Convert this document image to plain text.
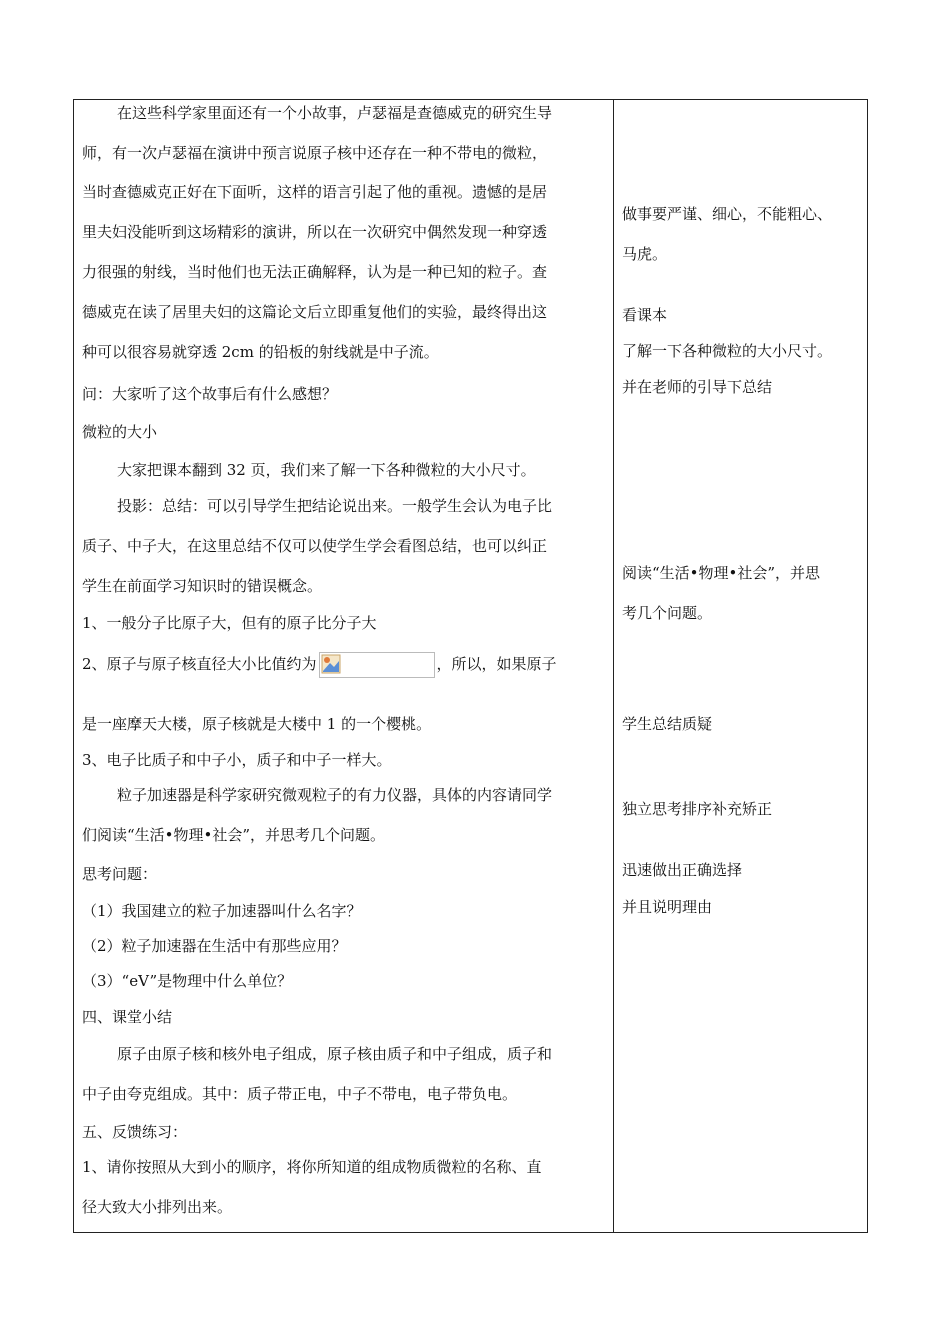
在这些科学家里面还有一个小故事，卢瑟福是查德威克的研究生导
师，有一次卢瑟福在演讲中预言说原子核中还存在一种不带电的微粒，
当时查德威克正好在下面听，这样的语言引起了他的重视。遗憾的是居
里夫妇没能听到这场精彩的演讲，所以在一次研究中偶然发现一种穿透
力很强的射线，当时他们也无法正确解释，认为是一种已知的粒子。查
德威克在读了居里夫妇的这篇论文后立即重复他们的实验，最终得出这
种可以很容易就穿透 2cm 的铅板的射线就是中子流。
问：大家听了这个故事后有什么感想？
微粒的大小
大家把课本翻到 32 页，我们来了解一下各种微粒的大小尺寸。
投影：总结：可以引导学生把结论说出来。一般学生会认为电子比
质子、中子大，在这里总结不仅可以使学生学会看图总结，也可以纠正
学生在前面学习知识时的错误概念。
1、一般分子比原子大，但有的原子比分子大
2、原子与原子核直径大小比值约为	，所以，如果原子
是一座摩天大楼，原子核就是大楼中 1 的一个樱桃。
3、电子比质子和中子小，质子和中子一样大。
粒子加速器是科学家研究微观粒子的有力仪器，具体的内容请同学
们阅读“生活•物理•社会”，并思考几个问题。
思考问题：
（1）我国建立的粒子加速器叫什么名字？
（2）粒子加速器在生活中有那些应用？
（3）“eV”是物理中什么单位？
四、课堂小结
原子由原子核和核外电子组成，原子核由质子和中子组成，质子和
中子由夸克组成。其中：质子带正电，中子不带电，电子带负电。
五、反馈练习：
1、请你按照从大到小的顺序，将你所知道的组成物质微粒的名称、直
径大致大小排列出来。
做事要严谨、细心，不能粗心、
马虎。
看课本
了解一下各种微粒的大小尺寸。
并在老师的引导下总结
阅读“生活•物理•社会”，并思
考几个问题。
学生总结质疑
独立思考排序补充矫正
迅速做出正确选择
并且说明理由
